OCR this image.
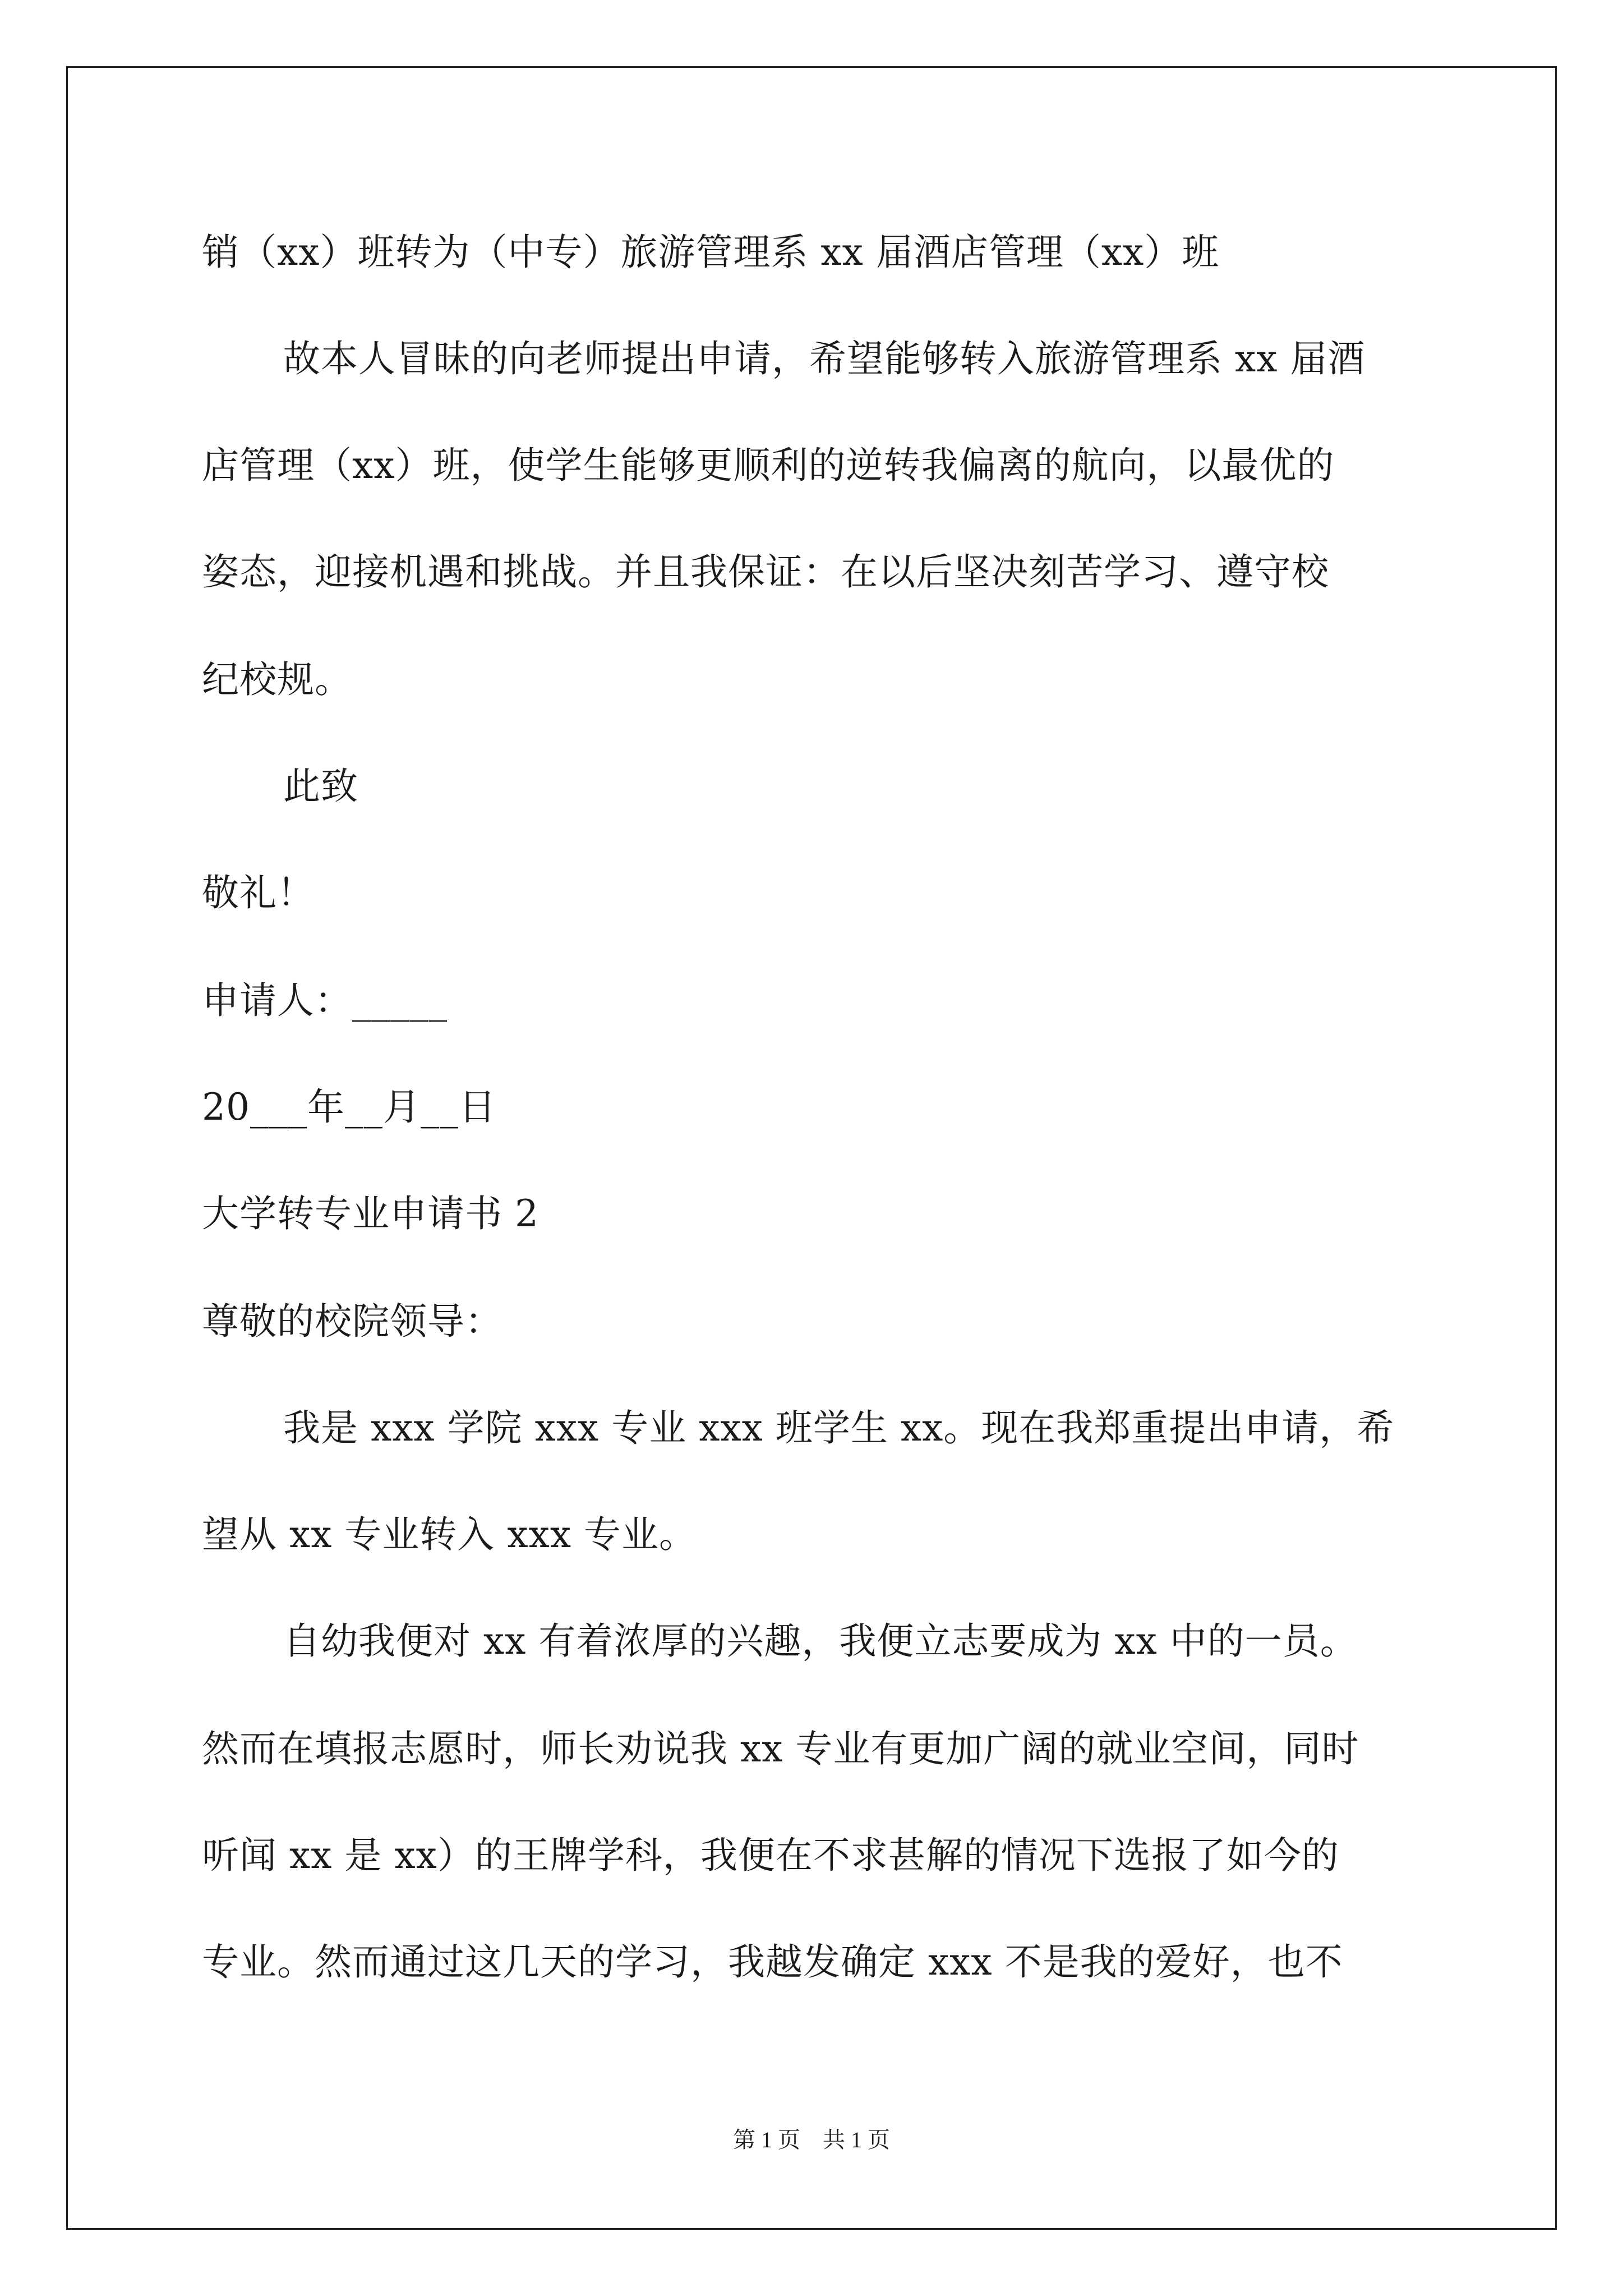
销（xx）班转为（中专）旅游管理系 xx 届酒店管理（xx）班
故本人冒昧的向老师提出申请，希望能够转入旅游管理系 xx 届酒
店管理（xx）班，使学生能够更顺利的逆转我偏离的航向，以最优的
姿态，迎接机遇和挑战。并且我保证：在以后坚决刻苦学习、遵守校
纪校规。
此致
敬礼！
申请人：_____
20___年__月__日
大学转专业申请书 2
尊敬的校院领导：
我是 xxx 学院 xxx 专业 xxx 班学生 xx。现在我郑重提出申请，希
望从 xx 专业转入 xxx 专业。
自幼我便对 xx 有着浓厚的兴趣，我便立志要成为 xx 中的一员。
然而在填报志愿时，师长劝说我 xx 专业有更加广阔的就业空间，同时
听闻 xx 是 xx）的王牌学科，我便在不求甚解的情况下选报了如今的
专业。然而通过这几天的学习，我越发确定 xxx 不是我的爱好，也不
第 1 页　共 1 页
